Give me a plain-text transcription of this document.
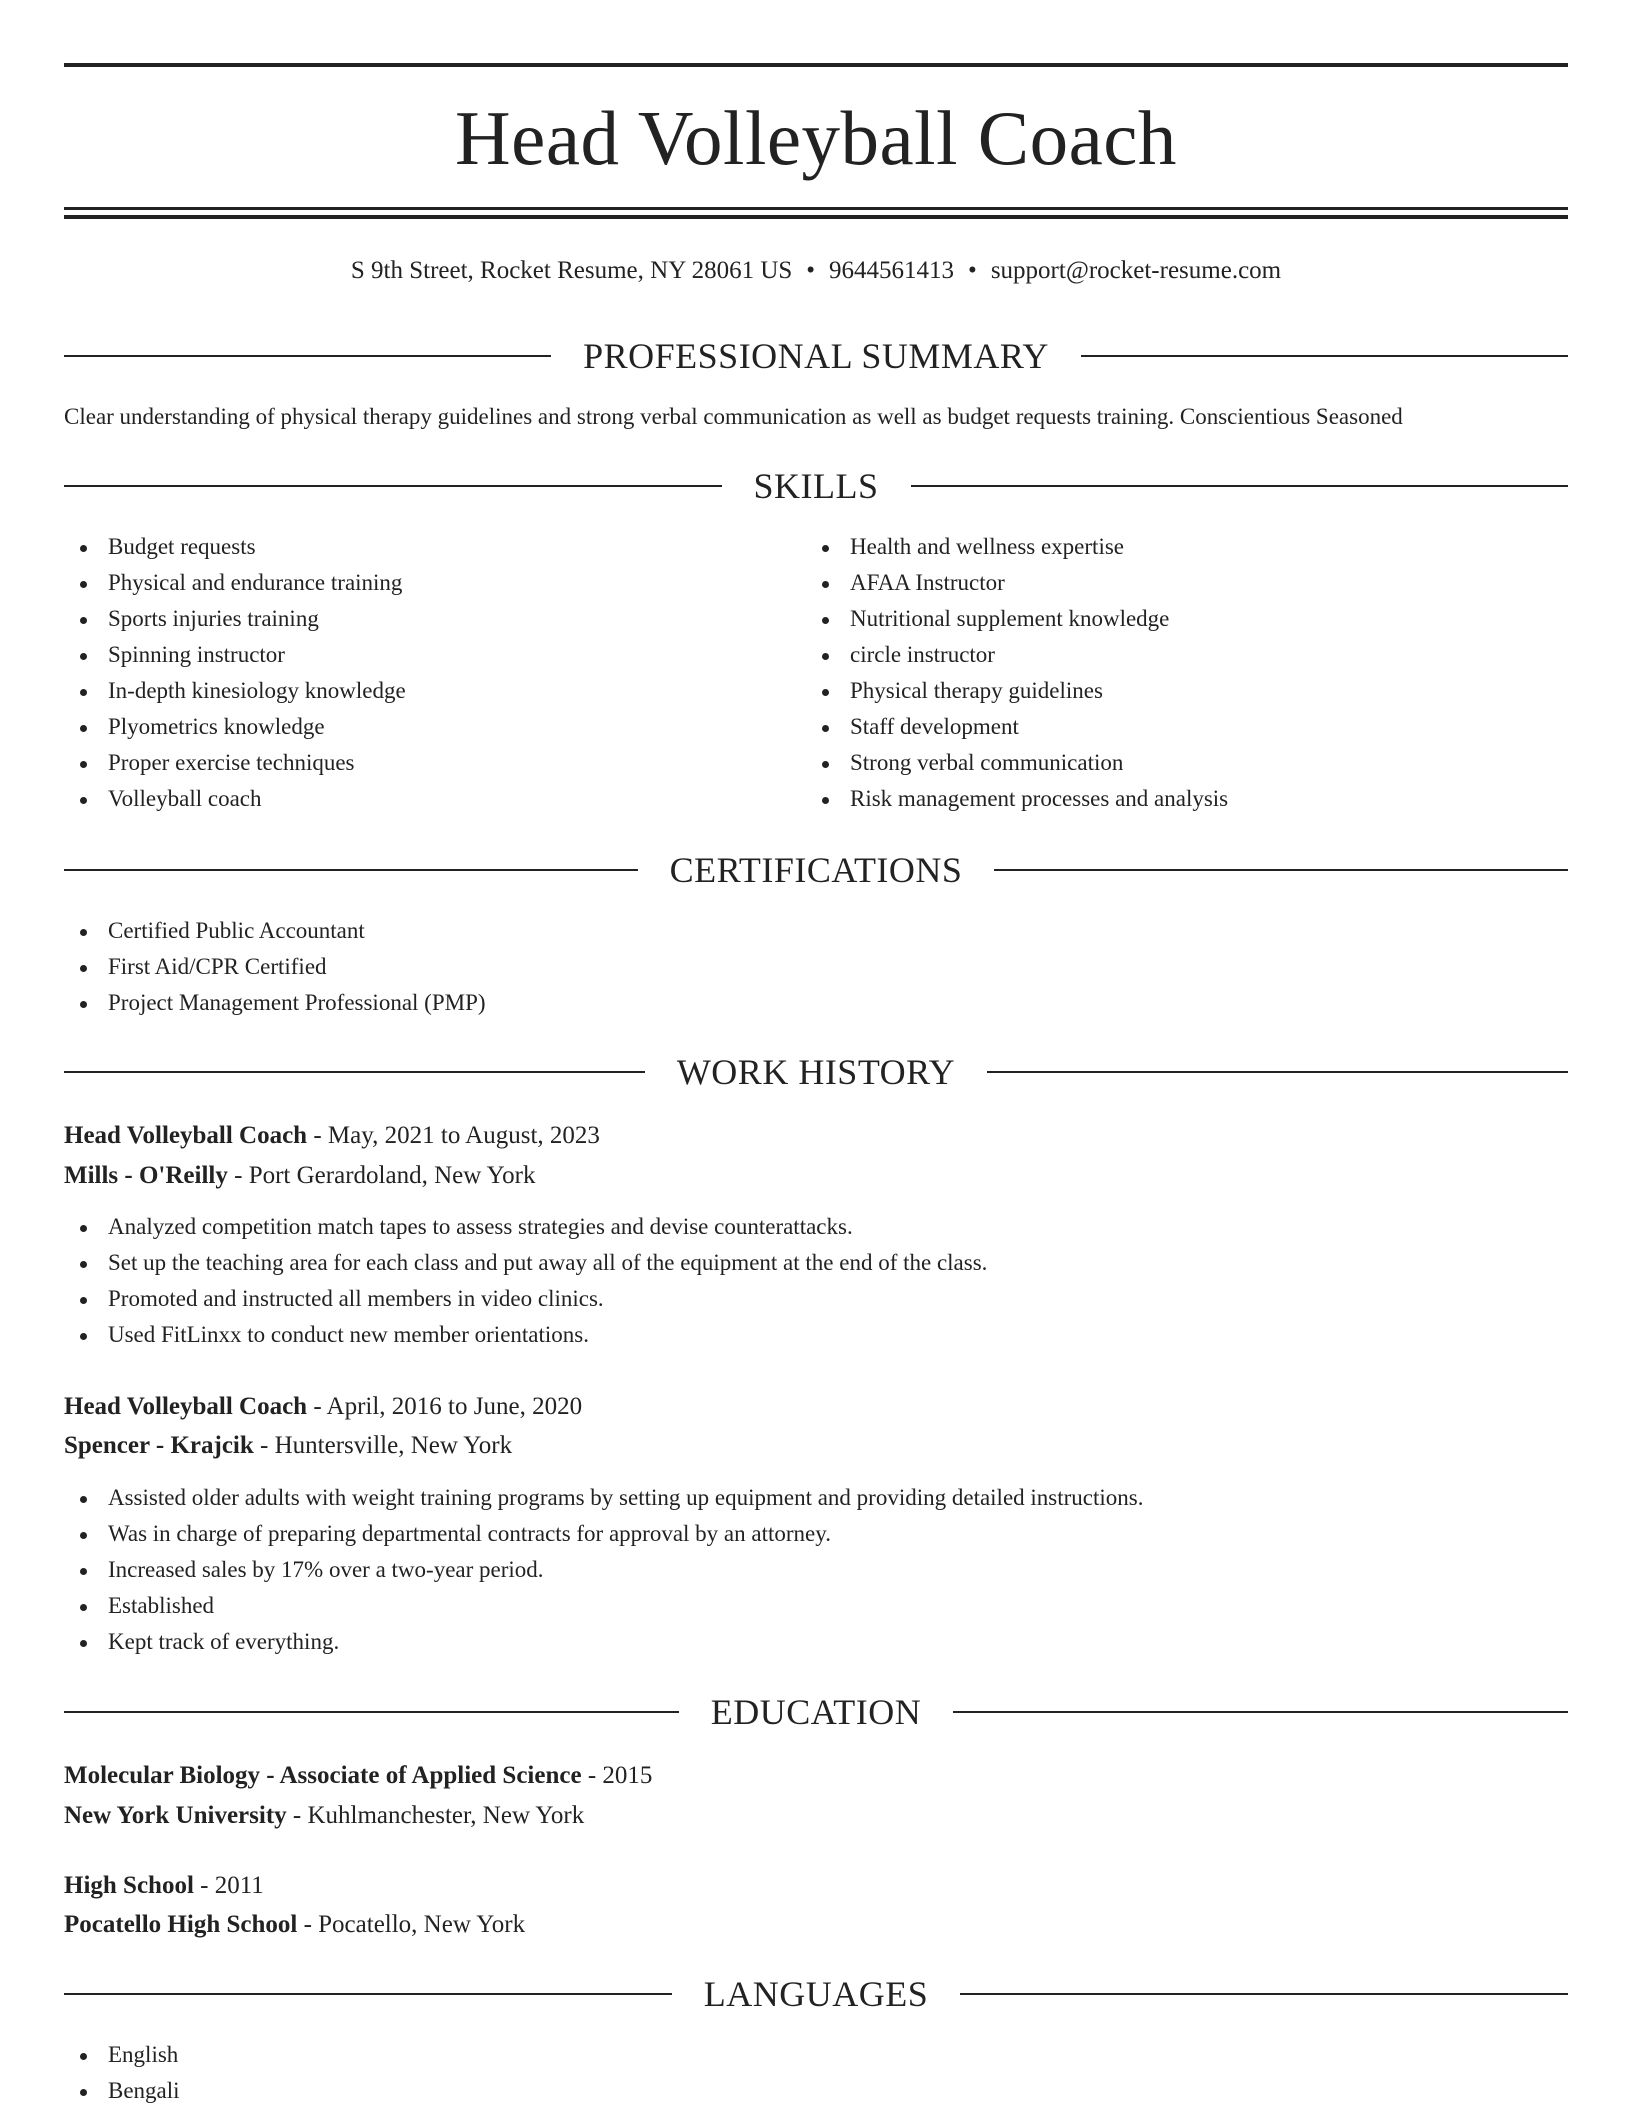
Head Volleyball Coach
S 9th Street, Rocket Resume, NY 28061 US • 9644561413 • support@rocket-resume.com
PROFESSIONAL SUMMARY
Clear understanding of physical therapy guidelines and strong verbal communication as well as budget requests training. Conscientious Seasoned
SKILLS
Budget requests
Physical and endurance training
Sports injuries training
Spinning instructor
In-depth kinesiology knowledge
Plyometrics knowledge
Proper exercise techniques
Volleyball coach
Health and wellness expertise
AFAA Instructor
Nutritional supplement knowledge
circle instructor
Physical therapy guidelines
Staff development
Strong verbal communication
Risk management processes and analysis
CERTIFICATIONS
Certified Public Accountant
First Aid/CPR Certified
Project Management Professional (PMP)
WORK HISTORY
Head Volleyball Coach - May, 2021 to August, 2023
Mills - O'Reilly - Port Gerardoland, New York
Analyzed competition match tapes to assess strategies and devise counterattacks.
Set up the teaching area for each class and put away all of the equipment at the end of the class.
Promoted and instructed all members in video clinics.
Used FitLinxx to conduct new member orientations.
Head Volleyball Coach - April, 2016 to June, 2020
Spencer - Krajcik - Huntersville, New York
Assisted older adults with weight training programs by setting up equipment and providing detailed instructions.
Was in charge of preparing departmental contracts for approval by an attorney.
Increased sales by 17% over a two-year period.
Established
Kept track of everything.
EDUCATION
Molecular Biology - Associate of Applied Science - 2015
New York University - Kuhlmanchester, New York
High School - 2011
Pocatello High School - Pocatello, New York
LANGUAGES
English
Bengali
